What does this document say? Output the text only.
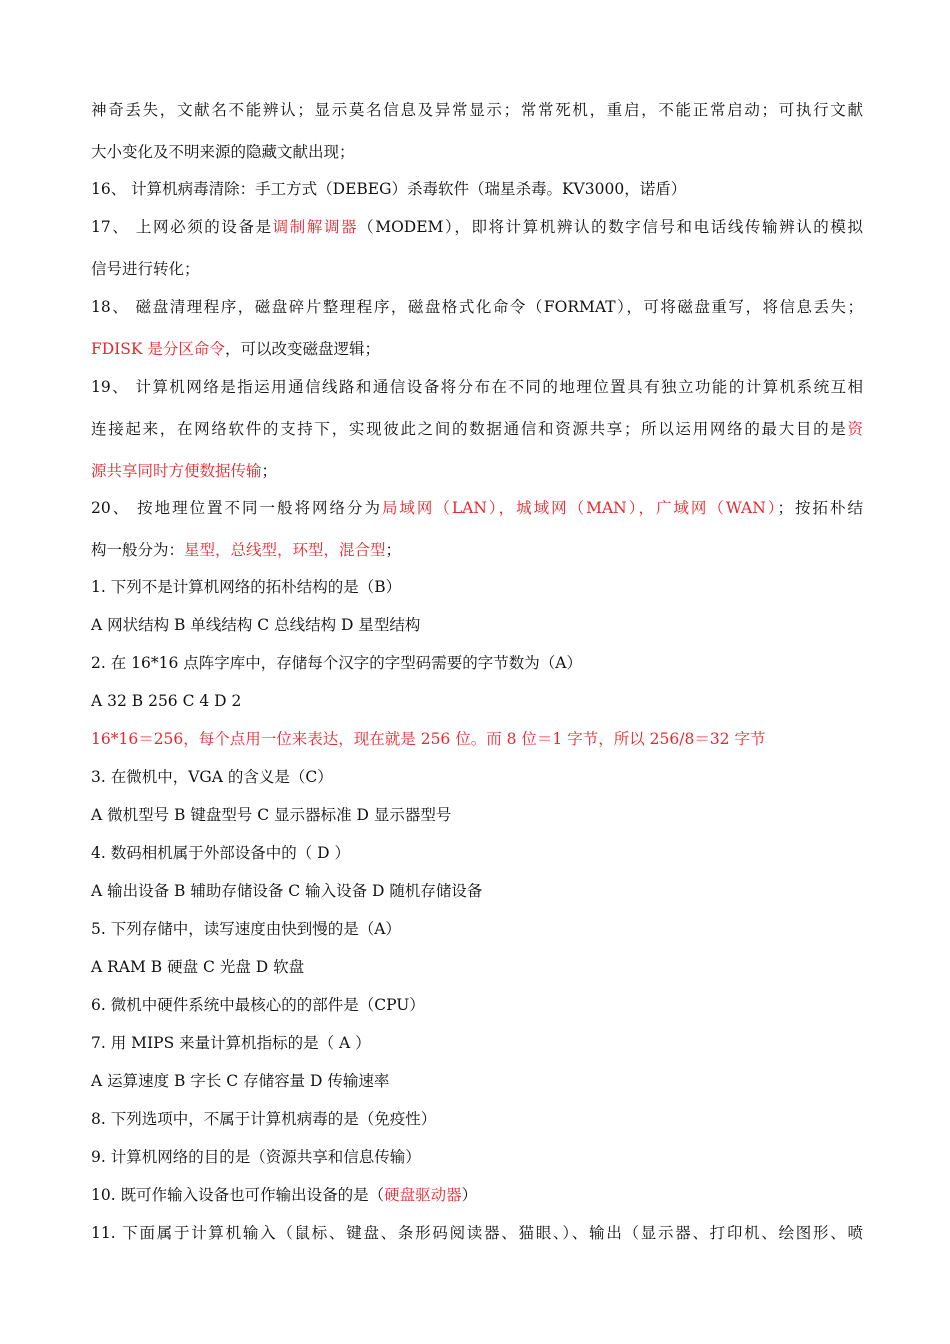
神奇丢失，文献名不能辨认；显示莫名信息及异常显示；常常死机，重启，不能正常启动；可执行文献
大小变化及不明来源的隐藏文献出现；
16、 计算机病毒清除：手工方式（DEBEG）杀毒软件（瑞星杀毒。KV3000，诺盾）
17、 上网必须的设备是调制解调器（MODEM），即将计算机辨认的数字信号和电话线传输辨认的模拟
信号进行转化；
18、 磁盘清理程序，磁盘碎片整理程序，磁盘格式化命令（FORMAT），可将磁盘重写，将信息丢失；
FDISK 是分区命令，可以改变磁盘逻辑；
19、 计算机网络是指运用通信线路和通信设备将分布在不同的地理位置具有独立功能的计算机系统互相
连接起来，在网络软件的支持下，实现彼此之间的数据通信和资源共享；所以运用网络的最大目的是资
源共享同时方便数据传输；
20、 按地理位置不同一般将网络分为局域网（LAN），城域网（MAN），广域网（WAN）；按拓朴结
构一般分为：星型，总线型，环型，混合型；
1. 下列不是计算机网络的拓朴结构的是（B）
A 网状结构 B 单线结构 C 总线结构 D 星型结构
2. 在 16*16 点阵字库中，存储每个汉字的字型码需要的字节数为（A）
A 32 B 256 C 4 D 2
16*16＝256，每个点用一位来表达，现在就是 256 位。而 8 位＝1 字节，所以 256/8＝32 字节
3. 在微机中，VGA 的含义是（C）
A 微机型号 B 键盘型号 C 显示器标准 D 显示器型号
4. 数码相机属于外部设备中的（ D ）
A 输出设备 B 辅助存储设备 C 输入设备 D 随机存储设备
5. 下列存储中，读写速度由快到慢的是（A）
A RAM B 硬盘 C 光盘 D 软盘
6. 微机中硬件系统中最核心的的部件是（CPU）
7. 用 MIPS 来量计算机指标的是（ A ）
A 运算速度 B 字长 C 存储容量 D 传输速率
8. 下列选项中，不属于计算机病毒的是（免疫性）
9. 计算机网络的目的是（资源共享和信息传输）
10. 既可作输入设备也可作输出设备的是（硬盘驱动器）
11. 下面属于计算机输入（鼠标、键盘、条形码阅读器、猫眼、）、输出（显示器、打印机、绘图形、喷
